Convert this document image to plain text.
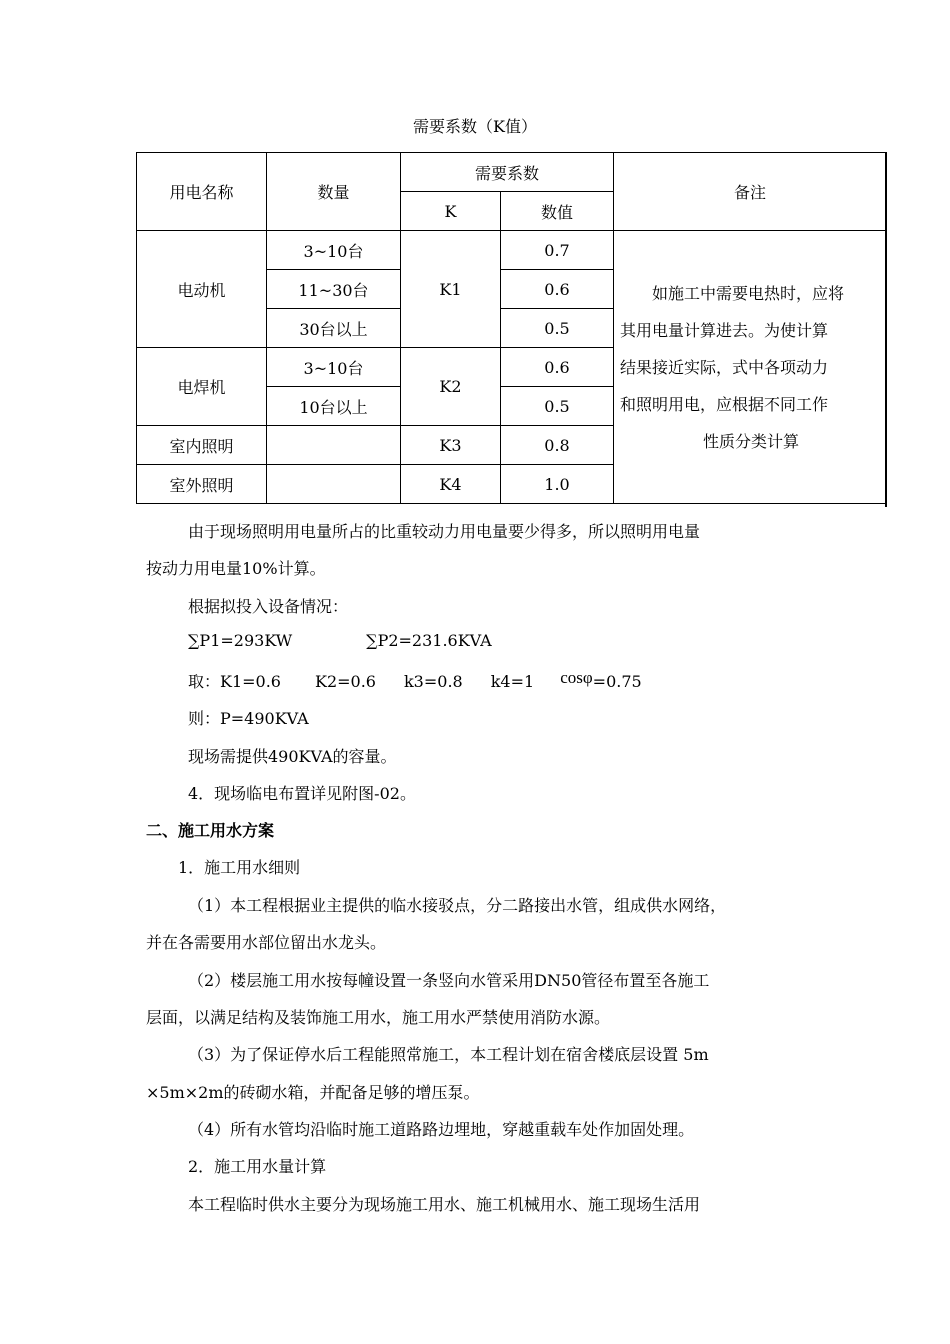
需要系数（K值）
用电名称	数量	需要系数		备注
		K	数值	
电动机	3~10台	K1	0.7	如施工中需要电热时，应将
其用电量计算进去。为使计算
结果接近实际，式中各项动力
和照明用电，应根据不同工作
性质分类计算

	11~30台		0.6	
	30台以上		0.5	
电焊机	3~10台	K2	0.6	
	10台以上		0.5	
室内照明		K3	0.8	
室外照明		K4	1.0	
由于现场照明用电量所占的比重较动力用电量要少得多，所以照明用电量
按动力用电量10%计算。
根据拟投入设备情况：
∑P1=293KW	∑P2=231.6KVA
取：K1=0.6 K2=0.6 k3=0.8 k4=1 cosφ=0.75
则：P=490KVA
现场需提供490KVA的容量。
4．现场临电布置详见附图-02。
二、施工用水方案
1．施工用水细则
（1）本工程根据业主提供的临水接驳点，分二路接出水管，组成供水网络，
并在各需要用水部位留出水龙头。
（2）楼层施工用水按每幢设置一条竖向水管采用DN50管径布置至各施工
层面，以满足结构及装饰施工用水，施工用水严禁使用消防水源。
（3）为了保证停水后工程能照常施工，本工程计划在宿舍楼底层设置 5m
×5m×2m的砖砌水箱，并配备足够的增压泵。
（4）所有水管均沿临时施工道路路边埋地，穿越重载车处作加固处理。
2．施工用水量计算
本工程临时供水主要分为现场施工用水、施工机械用水、施工现场生活用
